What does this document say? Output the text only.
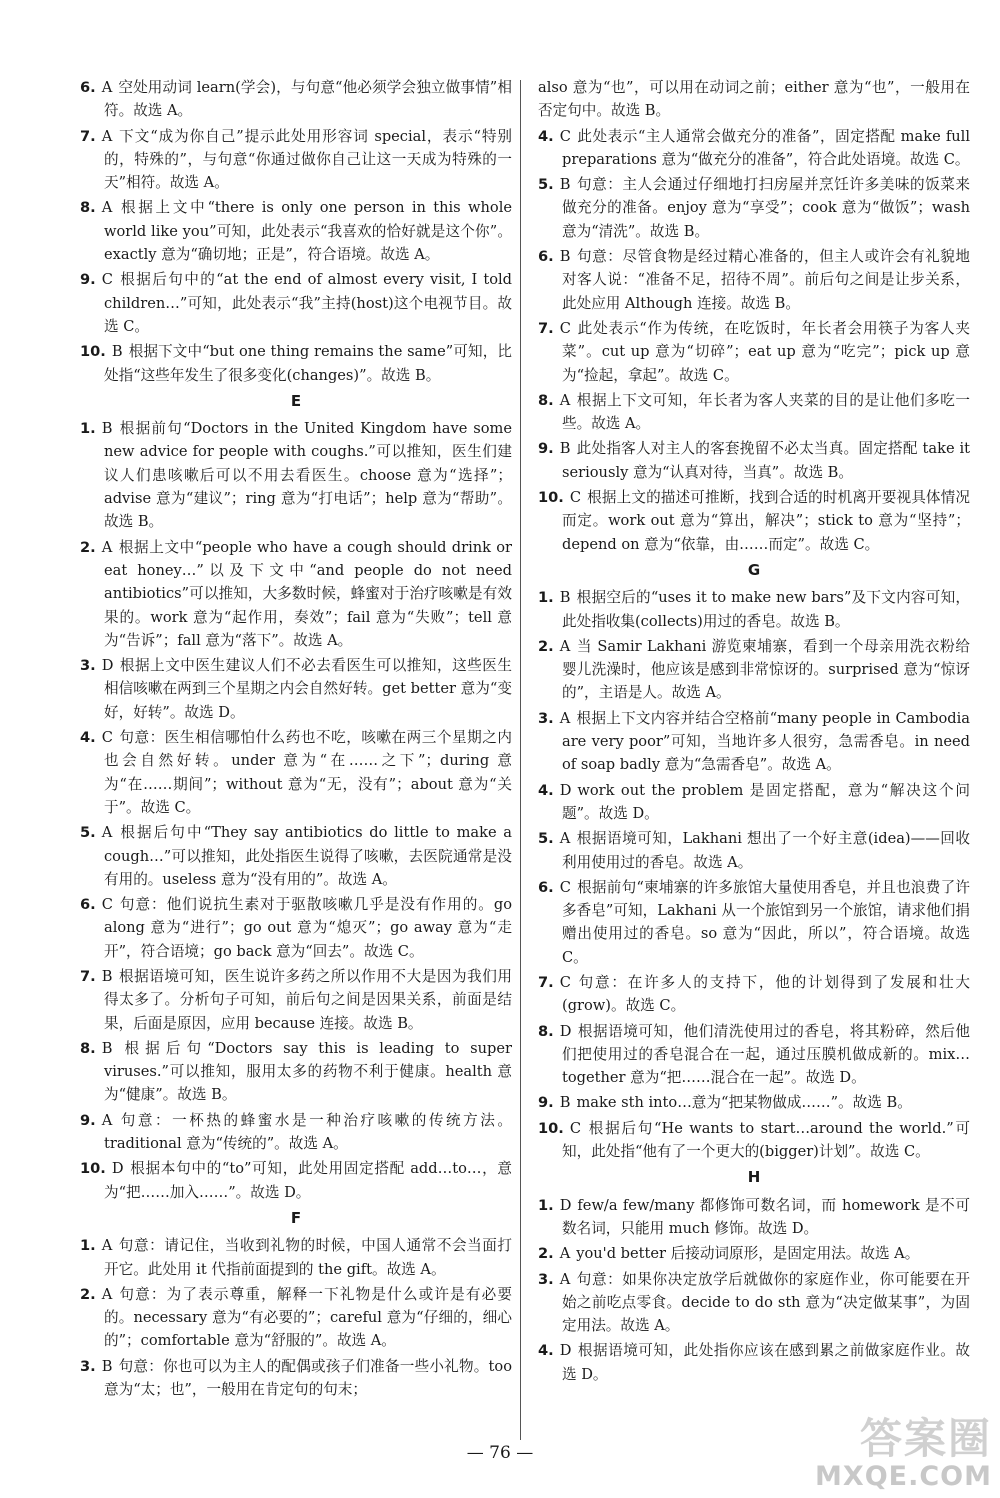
6. A 空处用动词 learn(学会)，与句意“他必须学会独立做事情”相符。故选 A。
7. A 下文“成为你自己”提示此处用形容词 special，表示“特别的，特殊的”，与句意“你通过做你自己让这一天成为特殊的一天”相符。故选 A。
8. A 根据上文中“there is only one person in this whole world like you”可知，此处表示“我喜欢的恰好就是这个你”。exactly 意为“确切地；正是”，符合语境。故选 A。
9. C 根据后句中的“at the end of almost every visit, I told children…”可知，此处表示“我”主持(host)这个电视节目。故选 C。
10. B 根据下文中“but one thing remains the same”可知，比处指“这些年发生了很多变化(changes)”。故选 B。
E
1. B 根据前句“Doctors in the United Kingdom have some new advice for people with coughs.”可以推知，医生们建议人们患咳嗽后可以不用去看医生。choose 意为“选择”；advise 意为“建议”；ring 意为“打电话”；help 意为“帮助”。故选 B。
2. A 根据上文中“people who have a cough should drink or eat honey…”以及下文中“and people do not need antibiotics”可以推知，大多数时候，蜂蜜对于治疗咳嗽是有效果的。work 意为“起作用，奏效”；fail 意为“失败”；tell 意为“告诉”；fall 意为“落下”。故选 A。
3. D 根据上文中医生建议人们不必去看医生可以推知，这些医生相信咳嗽在两到三个星期之内会自然好转。get better 意为“变好，好转”。故选 D。
4. C 句意：医生相信哪怕什么药也不吃，咳嗽在两三个星期之内也会自然好转。under 意为“在……之下”；during 意为“在……期间”；without 意为“无，没有”；about 意为“关于”。故选 C。
5. A 根据后句中“They say antibiotics do little to make a cough…”可以推知，此处指医生说得了咳嗽，去医院通常是没有用的。useless 意为“没有用的”。故选 A。
6. C 句意：他们说抗生素对于驱散咳嗽几乎是没有作用的。go along 意为“进行”；go out 意为“熄灭”；go away 意为“走开”，符合语境；go back 意为“回去”。故选 C。
7. B 根据语境可知，医生说许多药之所以作用不大是因为我们用得太多了。分析句子可知，前后句之间是因果关系，前面是结果，后面是原因，应用 because 连接。故选 B。
8. B 根据后句“Doctors say this is leading to super viruses.”可以推知，服用太多的药物不利于健康。health 意为“健康”。故选 B。
9. A 句意：一杯热的蜂蜜水是一种治疗咳嗽的传统方法。traditional 意为“传统的”。故选 A。
10. D 根据本句中的“to”可知，此处用固定搭配 add…to…，意为“把……加入……”。故选 D。
F
1. A 句意：请记住，当收到礼物的时候，中国人通常不会当面打开它。此处用 it 代指前面提到的 the gift。故选 A。
2. A 句意：为了表示尊重，解释一下礼物是什么或许是有必要的。necessary 意为“有必要的”；careful 意为“仔细的，细心的”；comfortable 意为“舒服的”。故选 A。
3. B 句意：你也可以为主人的配偶或孩子们准备一些小礼物。too 意为“太；也”，一般用在肯定句的句末；
also 意为“也”，可以用在动词之前；either 意为“也”，一般用在否定句中。故选 B。
4. C 此处表示“主人通常会做充分的准备”，固定搭配 make full preparations 意为“做充分的准备”，符合此处语境。故选 C。
5. B 句意：主人会通过仔细地打扫房屋并烹饪许多美味的饭菜来做充分的准备。enjoy 意为“享受”；cook 意为“做饭”；wash 意为“清洗”。故选 B。
6. B 句意：尽管食物是经过精心准备的，但主人或许会有礼貌地对客人说：“准备不足，招待不周”。前后句之间是让步关系，此处应用 Although 连接。故选 B。
7. C 此处表示“作为传统，在吃饭时，年长者会用筷子为客人夹菜”。cut up 意为“切碎”；eat up 意为“吃完”；pick up 意为“捡起，拿起”。故选 C。
8. A 根据上下文可知，年长者为客人夹菜的目的是让他们多吃一些。故选 A。
9. B 此处指客人对主人的客套挽留不必太当真。固定搭配 take it seriously 意为“认真对待，当真”。故选 B。
10. C 根据上文的描述可推断，找到合适的时机离开要视具体情况而定。work out 意为“算出，解决”；stick to 意为“坚持”；depend on 意为“依靠，由……而定”。故选 C。
G
1. B 根据空后的“uses it to make new bars”及下文内容可知，此处指收集(collects)用过的香皂。故选 B。
2. A 当 Samir Lakhani 游览柬埔寨，看到一个母亲用洗衣粉给婴儿洗澡时，他应该是感到非常惊讶的。surprised 意为“惊讶的”，主语是人。故选 A。
3. A 根据上下文内容并结合空格前“many people in Cambodia are very poor”可知，当地许多人很穷，急需香皂。in need of soap badly 意为“急需香皂”。故选 A。
4. D work out the problem 是固定搭配，意为“解决这个问题”。故选 D。
5. A 根据语境可知，Lakhani 想出了一个好主意(idea)——回收利用使用过的香皂。故选 A。
6. C 根据前句“柬埔寨的许多旅馆大量使用香皂，并且也浪费了许多香皂”可知，Lakhani 从一个旅馆到另一个旅馆，请求他们捐赠出使用过的香皂。so 意为“因此，所以”，符合语境。故选 C。
7. C 句意：在许多人的支持下，他的计划得到了发展和壮大(grow)。故选 C。
8. D 根据语境可知，他们清洗使用过的香皂，将其粉碎，然后他们把使用过的香皂混合在一起，通过压膜机做成新的。mix… together 意为“把……混合在一起”。故选 D。
9. B make sth into…意为“把某物做成……”。故选 B。
10. C 根据后句“He wants to start…around the world.”可知，此处指“他有了一个更大的(bigger)计划”。故选 C。
H
1. D few/a few/many 都修饰可数名词，而 homework 是不可数名词，只能用 much 修饰。故选 D。
2. A you'd better 后接动词原形，是固定用法。故选 A。
3. A 句意：如果你决定放学后就做你的家庭作业，你可能要在开始之前吃点零食。decide to do sth 意为“决定做某事”，为固定用法。故选 A。
4. D 根据语境可知，此处指你应该在感到累之前做家庭作业。故选 D。
— 76 —	答案圈
MXQE.COM
